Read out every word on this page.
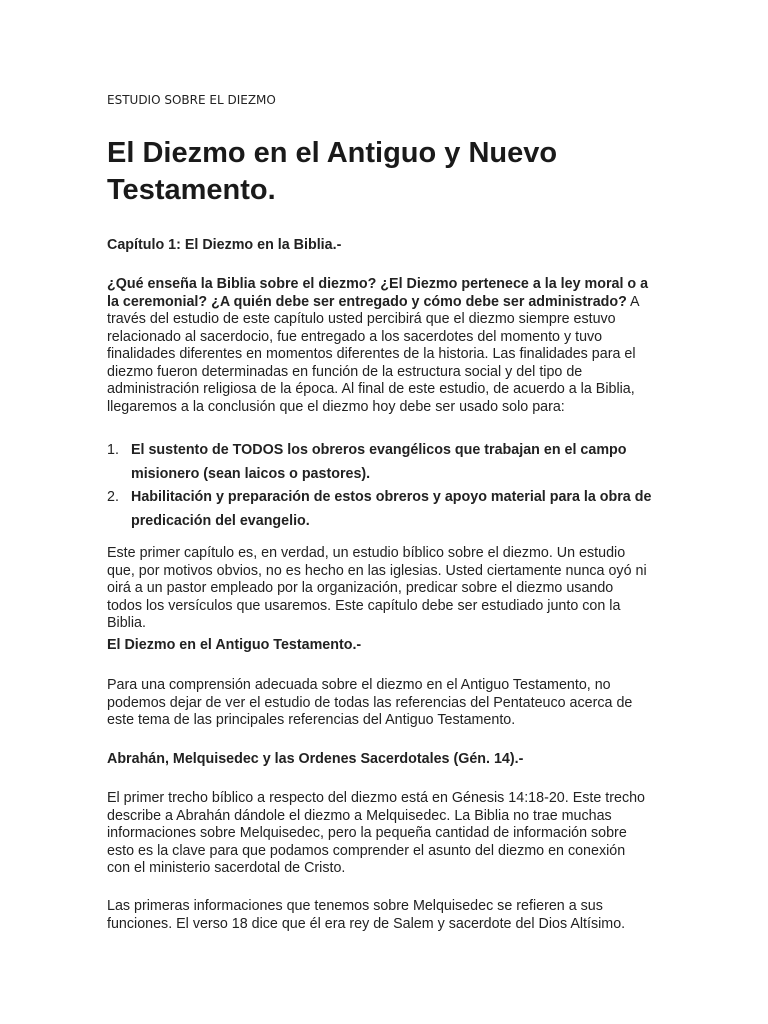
ESTUDIO SOBRE EL DIEZMO
El Diezmo en el Antiguo y Nuevo Testamento.
Capítulo 1: El Diezmo en la Biblia.-

¿Qué enseña la Biblia sobre el diezmo? ¿El Diezmo pertenece a la ley moral o a la ceremonial? ¿A quién debe ser entregado y cómo debe ser administrado? A través del estudio de este capítulo usted percibirá que el diezmo siempre estuvo relacionado al sacerdocio, fue entregado a los sacerdotes del momento y tuvo finalidades diferentes en momentos diferentes de la historia. Las finalidades para el diezmo fueron determinadas en función de la estructura social y del tipo de administración religiosa de la época. Al final de este estudio, de acuerdo a la Biblia, llegaremos a la conclusión que el diezmo hoy debe ser usado solo para:

1. El sustento de TODOS los obreros evangélicos que trabajan en el campo misionero (sean laicos o pastores).
2. Habilitación y preparación de estos obreros y apoyo material para la obra de predicación del evangelio.

Este primer capítulo es, en verdad, un estudio bíblico sobre el diezmo. Un estudio que, por motivos obvios, no es hecho en las iglesias. Usted ciertamente nunca oyó ni oirá a un pastor empleado por la organización, predicar sobre el diezmo usando todos los versículos que usaremos. Este capítulo debe ser estudiado junto con la Biblia.

El Diezmo en el Antiguo Testamento.-

Para una comprensión adecuada sobre el diezmo en el Antiguo Testamento, no podemos dejar de ver el estudio de todas las referencias del Pentateuco acerca de este tema de las principales referencias del Antiguo Testamento.

Abrahán, Melquisedec y las Ordenes Sacerdotales (Gén. 14).-

El primer trecho bíblico a respecto del diezmo está en Génesis 14:18-20. Este trecho describe a Abrahán dándole el diezmo a Melquisedec. La Biblia no trae muchas informaciones sobre Melquisedec, pero la pequeña cantidad de información sobre esto es la clave para que podamos comprender el asunto del diezmo en conexión con el ministerio sacerdotal de Cristo.

Las primeras informaciones que tenemos sobre Melquisedec se refieren a sus funciones. El verso 18 dice que él era rey de Salem y sacerdote del Dios Altísimo.
